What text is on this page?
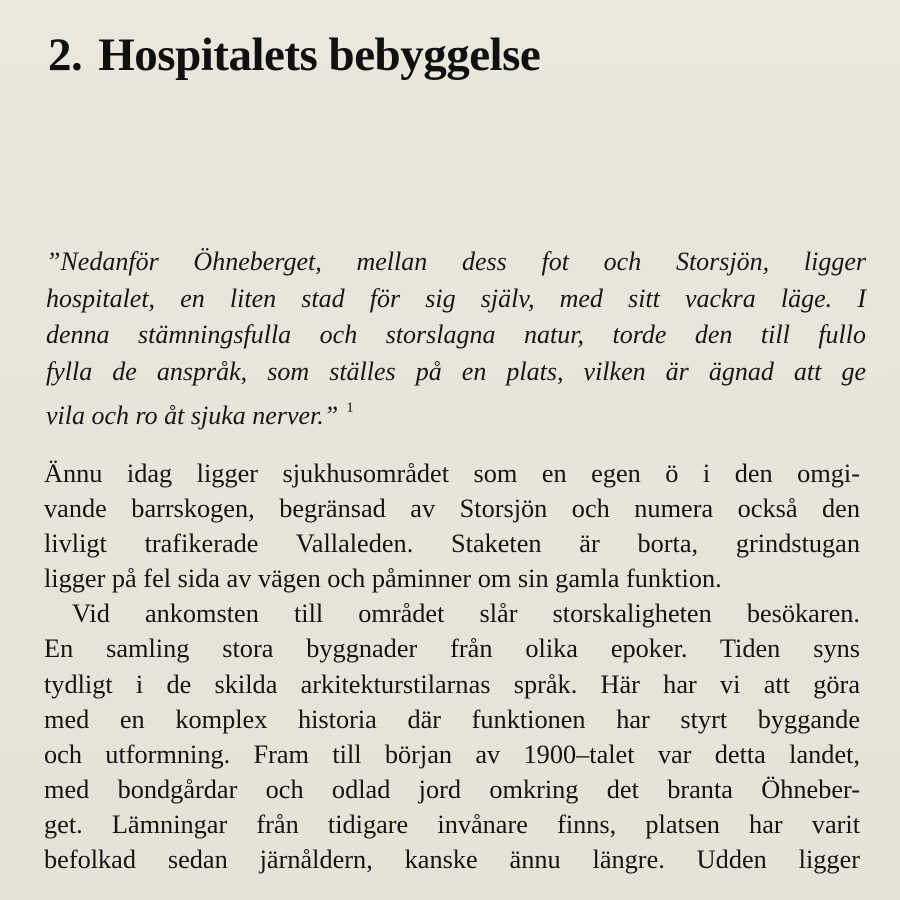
2. Hospitalets bebyggelse
”Nedanför Öhneberget, mellan dess fot och Storsjön, ligger
hospitalet, en liten stad för sig själv, med sitt vackra läge. I
denna stämningsfulla och storslagna natur, torde den till fullo
fylla de anspråk, som ställes på en plats, vilken är ägnad att ge
vila och ro åt sjuka nerver.” $^1$
Ännu idag ligger sjukhusområdet som en egen ö i den omgi-
vande barrskogen, begränsad av Storsjön och numera också den
livligt trafikerade Vallaleden. Staketen är borta, grindstugan
ligger på fel sida av vägen och påminner om sin gamla funktion.
Vid ankomsten till området slår storskaligheten besökaren.
En samling stora byggnader från olika epoker. Tiden syns
tydligt i de skilda arkitekturstilarnas språk. Här har vi att göra
med en komplex historia där funktionen har styrt byggande
och utformning. Fram till början av 1900–talet var detta landet,
med bondgårdar och odlad jord omkring det branta Öhneber-
get. Lämningar från tidigare invånare finns, platsen har varit
befolkad sedan järnåldern, kanske ännu längre. Udden ligger
